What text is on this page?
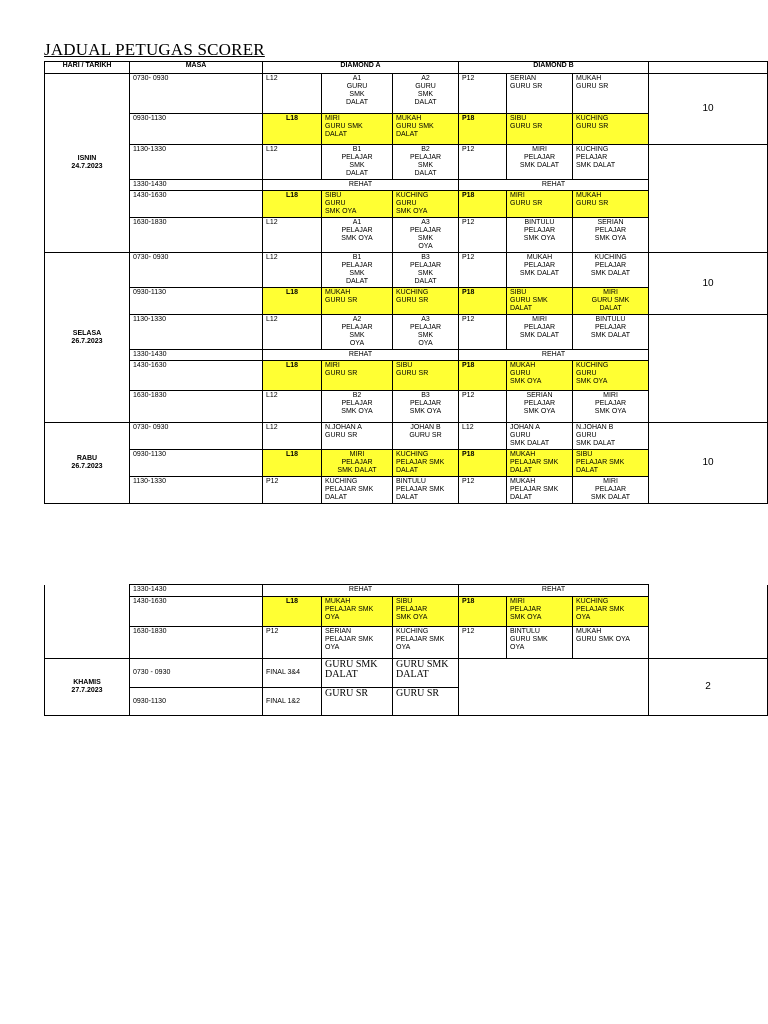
JADUAL PETUGAS SCORER
HARI / TARIKH	MASA	DIAMOND A			DIAMOND B			

ISNIN
24.7.2023	0730- 0930	L12	A1
GURU
SMK
DALAT	A2
GURU
SMK
DALAT	P12	SERIAN
GURU SR	MUKAH
GURU SR	10
	0930-1130	L18	MIRI
GURU SMK
DALAT	MUKAH
GURU SMK
DALAT	P18	SIBU
GURU SR	KUCHING
GURU SR	
	1130-1330	L12	B1
PELAJAR
SMK
DALAT	B2
PELAJAR
SMK
DALAT	P12	MIRI
PELAJAR
SMK DALAT	KUCHING
PELAJAR
SMK DALAT	
	1330-1430	REHAT			REHAT			
	1430-1630	L18	SIBU
GURU
SMK OYA	KUCHING
GURU
SMK OYA	P18	MIRI
GURU SR	MUKAH
GURU SR	
	1630-1830	L12	A1
PELAJAR
SMK OYA	A3
PELAJAR
SMK
OYA	P12	BINTULU
PELAJAR
SMK OYA	SERIAN
PELAJAR
SMK OYA	

SELASA
26.7.2023	0730- 0930	L12	B1
PELAJAR
SMK
DALAT	B3
PELAJAR
SMK
DALAT	P12	MUKAH
PELAJAR
SMK DALAT	KUCHING
PELAJAR
SMK DALAT	10
	0930-1130	L18	MUKAH
GURU SR	KUCHING
GURU SR	P18	SIBU
GURU SMK
DALAT	MIRI
GURU SMK
DALAT	
	1130-1330	L12	A2
PELAJAR
SMK
OYA	A3
PELAJAR
SMK
OYA	P12	MIRI
PELAJAR
SMK DALAT	BINTULU
PELAJAR
SMK DALAT	
	1330-1430	REHAT			REHAT			
	1430-1630	L18	MIRI
GURU SR	SIBU
GURU SR	P18	MUKAH
GURU
SMK OYA	KUCHING
GURU
SMK OYA	
	1630-1830	L12	B2
PELAJAR
SMK OYA	B3
PELAJAR
SMK OYA	P12	SERIAN
PELAJAR
SMK OYA	MIRI
PELAJAR
SMK OYA	

RABU
26.7.2023	0730- 0930	L12	N.JOHAN A
GURU SR	JOHAN B
GURU SR	L12	JOHAN A
GURU
SMK DALAT	N.JOHAN B
GURU
SMK DALAT	10
	0930-1130	L18	MIRI
PELAJAR
SMK DALAT	KUCHING
PELAJAR SMK
DALAT	P18	MUKAH
PELAJAR SMK
DALAT	SIBU
PELAJAR SMK
DALAT	
	1130-1330	P12	KUCHING
PELAJAR SMK
DALAT	BINTULU
PELAJAR SMK
DALAT	P12	MUKAH
PELAJAR SMK
DALAT	MIRI
PELAJAR
SMK DALAT	
	1330-1430	REHAT			REHAT			
	1430-1630	L18	MUKAH
PELAJAR SMK
OYA	SIBU
PELAJAR
SMK OYA	P18	MIRI
PELAJAR
SMK OYA	KUCHING
PELAJAR SMK
OYA	
	1630-1830	P12	SERIAN
PELAJAR SMK
OYA	KUCHING
PELAJAR SMK
OYA	P12	BINTULU
GURU SMK
OYA	MUKAH
GURU SMK OYA	

KHAMIS
27.7.2023	0730 - 0930	FINAL 3&4	GURU SMK
DALAT	GURU SMK
DALAT				2
	0930-1130	FINAL 1&2	GURU SR	GURU SR				
